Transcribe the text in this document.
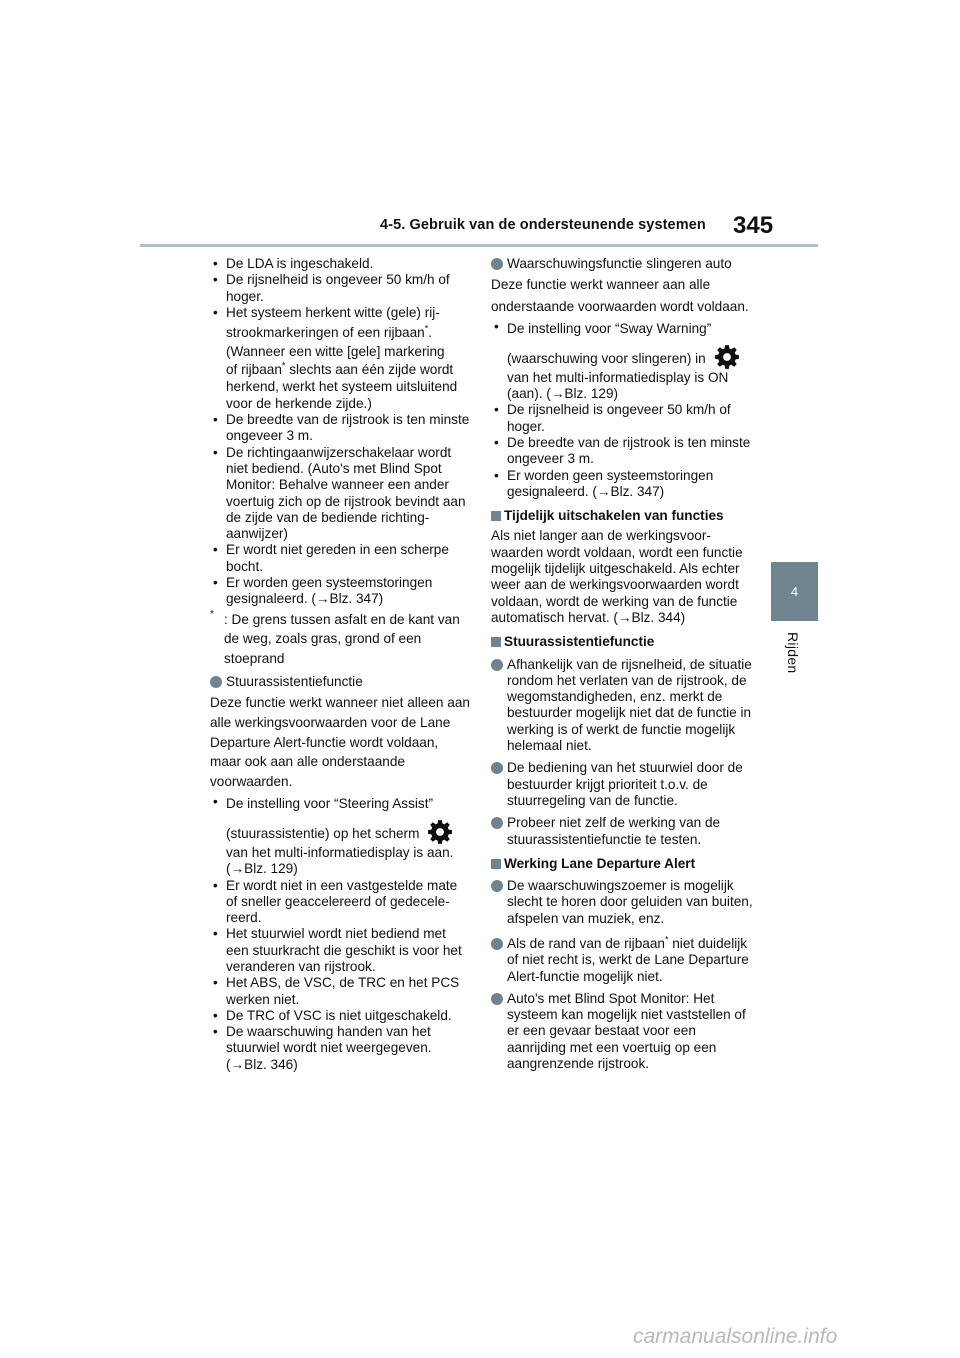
4-5. Gebruik van de ondersteunende systemen 345
4
Rijden
• De LDA is ingeschakeld.
• De rijsnelheid is ongeveer 50 km/h of hoger.
• Het systeem herkent witte (gele) rij-
strookmarkeringen of een rijbaan*.
(Wanneer een witte [gele] markering
of rijbaan* slechts aan één zijde wordt herkend, werkt het systeem uitsluitend voor de herkende zijde.)
• De breedte van de rijstrook is ten minste ongeveer 3 m.
• De richtingaanwijzerschakelaar wordt niet bediend. (Auto's met Blind Spot Monitor: Behalve wanneer een ander voertuig zich op de rijstrook bevindt aan de zijde van de bediende richtingaanwijzer)
• Er wordt niet gereden in een scherpe bocht.
• Er worden geen systeemstoringen gesignaleerd. (→Blz. 347)
* : De grens tussen asfalt en de kant van de weg, zoals gras, grond of een stoeprand
Stuurassistentiefunctie

Deze functie werkt wanneer niet alleen aan alle werkingsvoorwaarden voor de Lane Departure Alert-functie wordt voldaan, maar ook aan alle onderstaande voorwaarden.

• De instelling voor “Steering Assist”
(stuurassistentie) op het scherm
van het multi-informatiedisplay is aan. (→Blz. 129)
• Er wordt niet in een vastgestelde mate of sneller geaccelereerd of gedecelereerd.
• Het stuurwiel wordt niet bediend met een stuurkracht die geschikt is voor het veranderen van rijstrook.
• Het ABS, de VSC, de TRC en het PCS werken niet.
• De TRC of VSC is niet uitgeschakeld.
• De waarschuwing handen van het stuurwiel wordt niet weergegeven. (→Blz. 346)
Waarschuwingsfunctie slingeren auto

Deze functie werkt wanneer aan alle onderstaande voorwaarden wordt voldaan.

• De instelling voor “Sway Warning”
(waarschuwing voor slingeren) in
van het multi-informatiedisplay is ON (aan). (→Blz. 129)
• De rijsnelheid is ongeveer 50 km/h of hoger.
• De breedte van de rijstrook is ten minste ongeveer 3 m.
• Er worden geen systeemstoringen gesignaleerd. (→Blz. 347)
Tijdelijk uitschakelen van functies

Als niet langer aan de werkingsvoorwaarden wordt voldaan, wordt een functie mogelijk tijdelijk uitgeschakeld. Als echter weer aan de werkingsvoorwaarden wordt voldaan, wordt de werking van de functie automatisch hervat. (→Blz. 344)

Stuurassistentiefunctie
Afhankelijk van de rijsnelheid, de situatie rondom het verlaten van de rijstrook, de wegomstandigheden, enz. merkt de bestuurder mogelijk niet dat de functie in werking is of werkt de functie mogelijk helemaal niet.
De bediening van het stuurwiel door de bestuurder krijgt prioriteit t.o.v. de stuurregeling van de functie.
Probeer niet zelf de werking van de stuurassistentiefunctie te testen.
Werking Lane Departure Alert
De waarschuwingszoemer is mogelijk slecht te horen door geluiden van buiten, afspelen van muziek, enz.
Als de rand van de rijbaan* niet duidelijk of niet recht is, werkt de Lane Departure Alert-functie mogelijk niet.
Auto's met Blind Spot Monitor: Het systeem kan mogelijk niet vaststellen of er een gevaar bestaat voor een aanrijding met een voertuig op een aangrenzende rijstrook.
carmanualsonline.info
